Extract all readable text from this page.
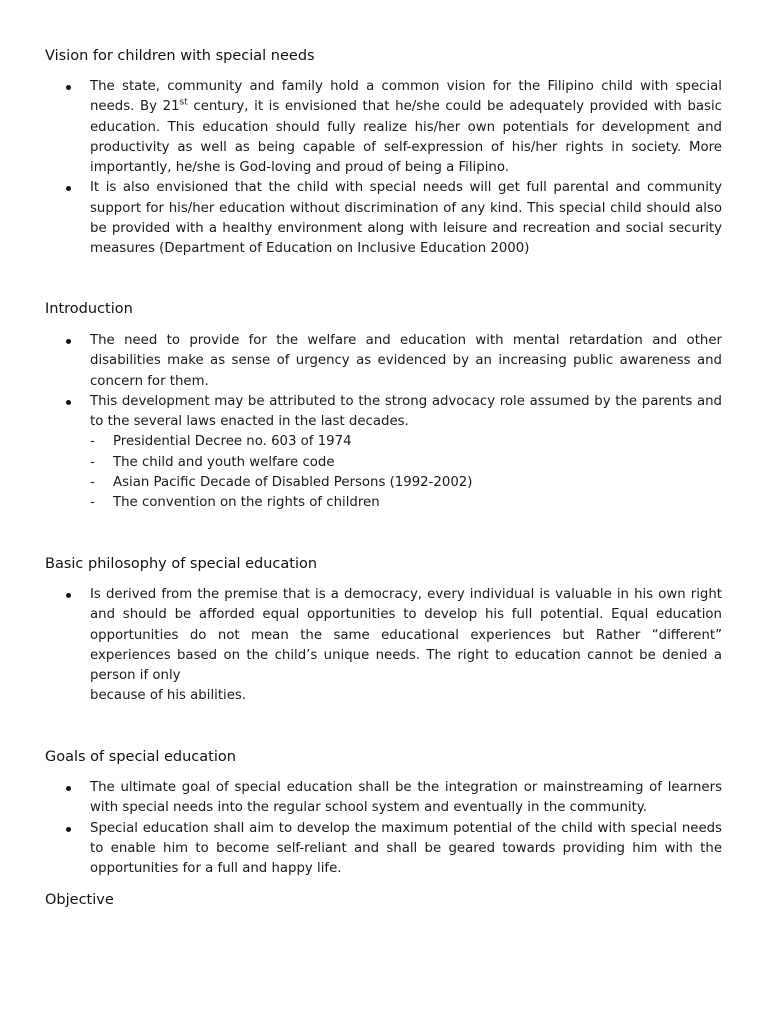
Vision for children with special needs
The state, community and family hold a common vision for the Filipino child with special needs. By 21st century, it is envisioned that he/she could be adequately provided with basic education. This education should fully realize his/her own potentials for development and productivity as well as being capable of self-expression of his/her rights in society. More importantly, he/she is God-loving and proud of being a Filipino.
It is also envisioned that the child with special needs will get full parental and community support for his/her education without discrimination of any kind. This special child should also be provided with a healthy environment along with leisure and recreation and social security measures (Department of Education on Inclusive Education 2000)
Introduction
The need to provide for the welfare and education with mental retardation and other disabilities make as sense of urgency as evidenced by an increasing public awareness and concern for them.
This development may be attributed to the strong advocacy role assumed by the parents and to the several laws enacted in the last decades.
- Presidential Decree no. 603 of 1974
- The child and youth welfare code
- Asian Pacific Decade of Disabled Persons (1992-2002)
- The convention on the rights of children
Basic philosophy of special education
Is derived from the premise that is a democracy, every individual is valuable in his own right and should be afforded equal opportunities to develop his full potential. Equal education opportunities do not mean the same educational experiences but Rather “different” experiences based on the child’s unique needs. The right to education cannot be denied a person if only
because of his abilities.
Goals of special education
The ultimate goal of special education shall be the integration or mainstreaming of learners with special needs into the regular school system and eventually in the community.
Special education shall aim to develop the maximum potential of the child with special needs to enable him to become self-reliant and shall be geared towards providing him with the opportunities for a full and happy life.
Objective
